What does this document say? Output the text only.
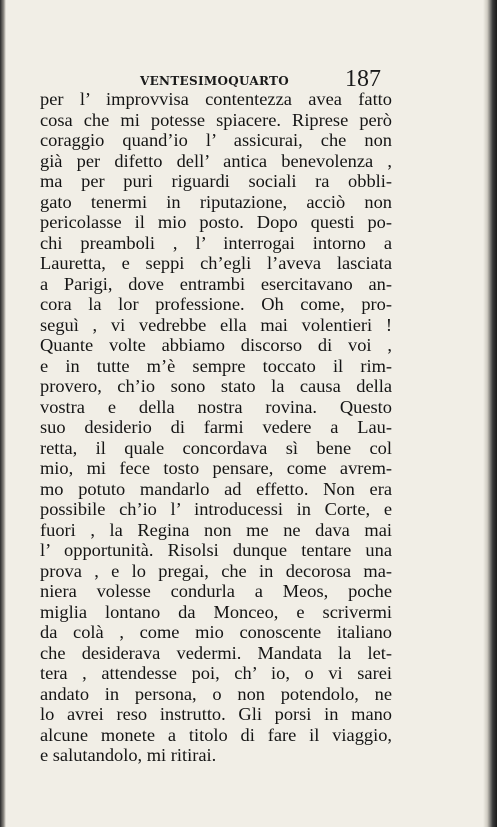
VENTESIMOQUARTO 187
per l’ improvvisa contentezza avea fatto
cosa che mi potesse spiacere. Riprese però
coraggio quand’io l’ assicurai, che non
già per difetto dell’ antica benevolenza ,
ma per puri riguardi sociali ra obbli-
gato tenermi in riputazione, acciò non
pericolasse il mio posto. Dopo questi po-
chi preamboli , l’ interrogai intorno a
Lauretta, e seppi ch’egli l’aveva lasciata
a Parigi, dove entrambi esercitavano an-
cora la lor professione. Oh come, pro-
seguì , vi vedrebbe ella mai volentieri !
Quante volte abbiamo discorso di voi ,
e in tutte m’è sempre toccato il rim-
provero, ch’io sono stato la causa della
vostra e della nostra rovina. Questo
suo desiderio di farmi vedere a Lau-
retta, il quale concordava sì bene col
mio, mi fece tosto pensare, come avrem-
mo potuto mandarlo ad effetto. Non era
possibile ch’io l’ introducessi in Corte, e
fuori , la Regina non me ne dava mai
l’ opportunità. Risolsi dunque tentare una
prova , e lo pregai, che in decorosa ma-
niera volesse condurla a Meos, poche
miglia lontano da Monceo, e scrivermi
da colà , come mio conoscente italiano
che desiderava vedermi. Mandata la let-
tera , attendesse poi, ch’ io, o vi sarei
andato in persona, o non potendolo, ne
lo avrei reso instrutto. Gli porsi in mano
alcune monete a titolo di fare il viaggio,
e salutandolo, mi ritirai.
